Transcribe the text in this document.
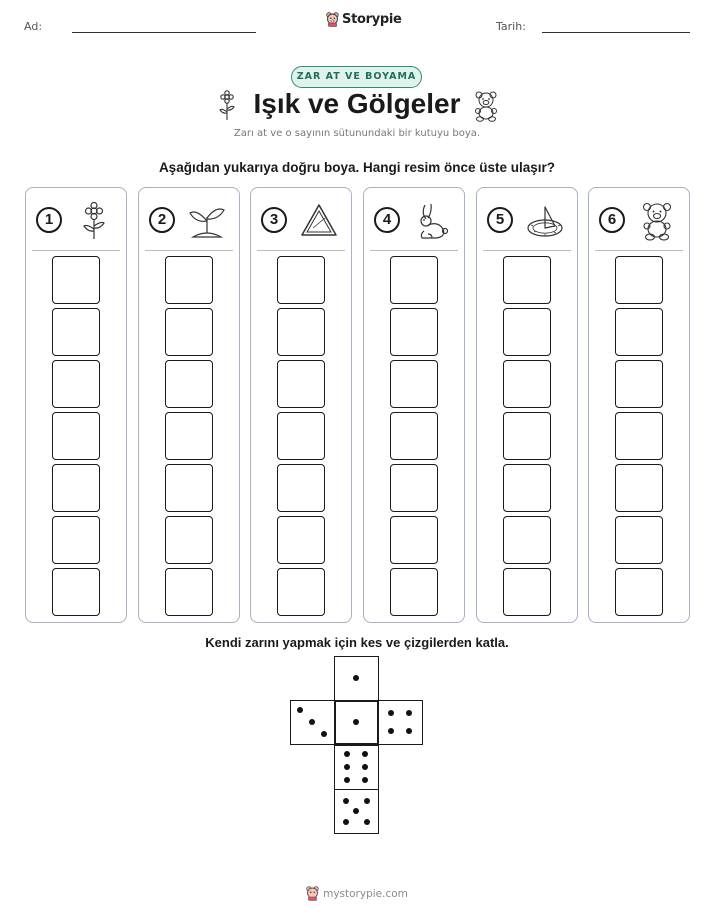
Ad:	Storypie	Tarih:
ZAR AT VE BOYAMA
Işık ve Gölgeler
Zarı at ve o sayının sütunundaki bir kutuyu boya.
Aşağıdan yukarıya doğru boya. Hangi resim önce üste ulaşır?
1	2	3	4	5	6
Kendi zarını yapmak için kes ve çizgilerden katla.
mystorypie.com
